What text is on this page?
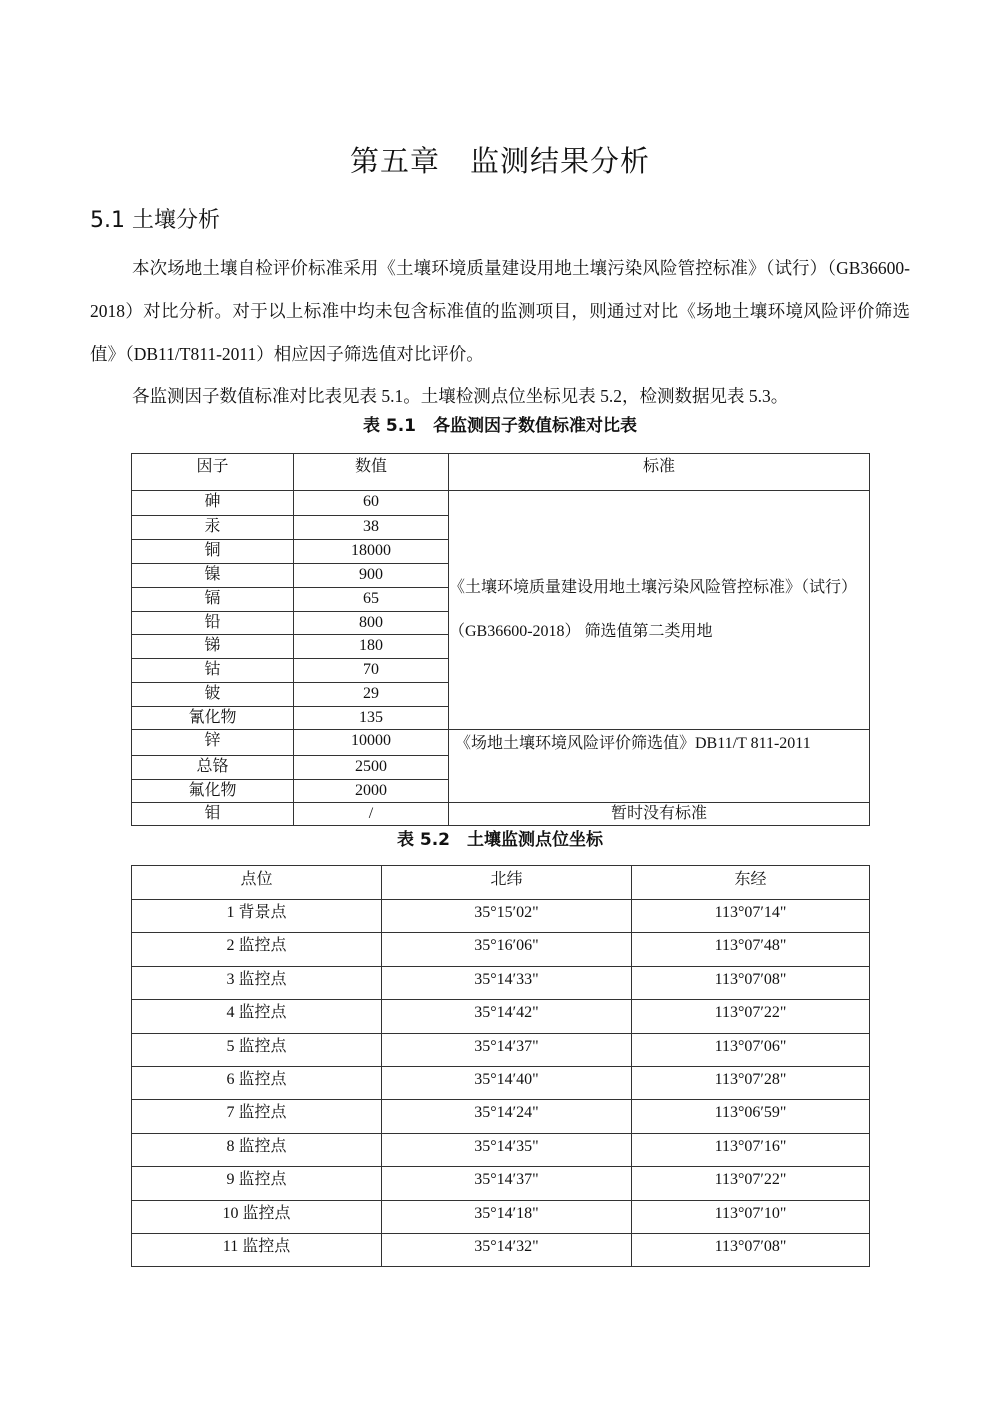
第五章 监测结果分析
5.1 土壤分析

本次场地土壤自检评价标准采用《土壤环境质量建设用地土壤污染风险管控标准》（试行）（GB36600-2018）对比分析。对于以上标准中均未包含标准值的监测项目，则通过对比《场地土壤环境风险评价筛选值》（DB11/T811-2011）相应因子筛选值对比评价。

各监测因子数值标准对比表见表 5.1。土壤检测点位坐标见表 5.2，检测数据见表 5.3。

表 5.1　各监测因子数值标准对比表
因子	数值	标准
砷	60	《土壤环境质量建设用地土壤污染风险管控标准》（试行）（GB36600-2018） 筛选值第二类用地
汞	38	
铜	18000	
镍	900	
镉	65	
铅	800	
锑	180	
钴	70	
铍	29	
氰化物	135	
锌	10000	《场地土壤环境风险评价筛选值》DB11/T 811-2011
总铬	2500	
氟化物	2000	
钼	/	暂时没有标准
表 5.2　土壤监测点位坐标
点位	北纬	东经
1 背景点	35°15′02"	113°07′14"
2 监控点	35°16′06"	113°07′48"
3 监控点	35°14′33"	113°07′08"
4 监控点	35°14′42"	113°07′22"
5 监控点	35°14′37"	113°07′06"
6 监控点	35°14′40"	113°07′28"
7 监控点	35°14′24"	113°06′59"
8 监控点	35°14′35"	113°07′16"
9 监控点	35°14′37"	113°07′22"
10 监控点	35°14′18"	113°07′10"
11 监控点	35°14′32"	113°07′08"
